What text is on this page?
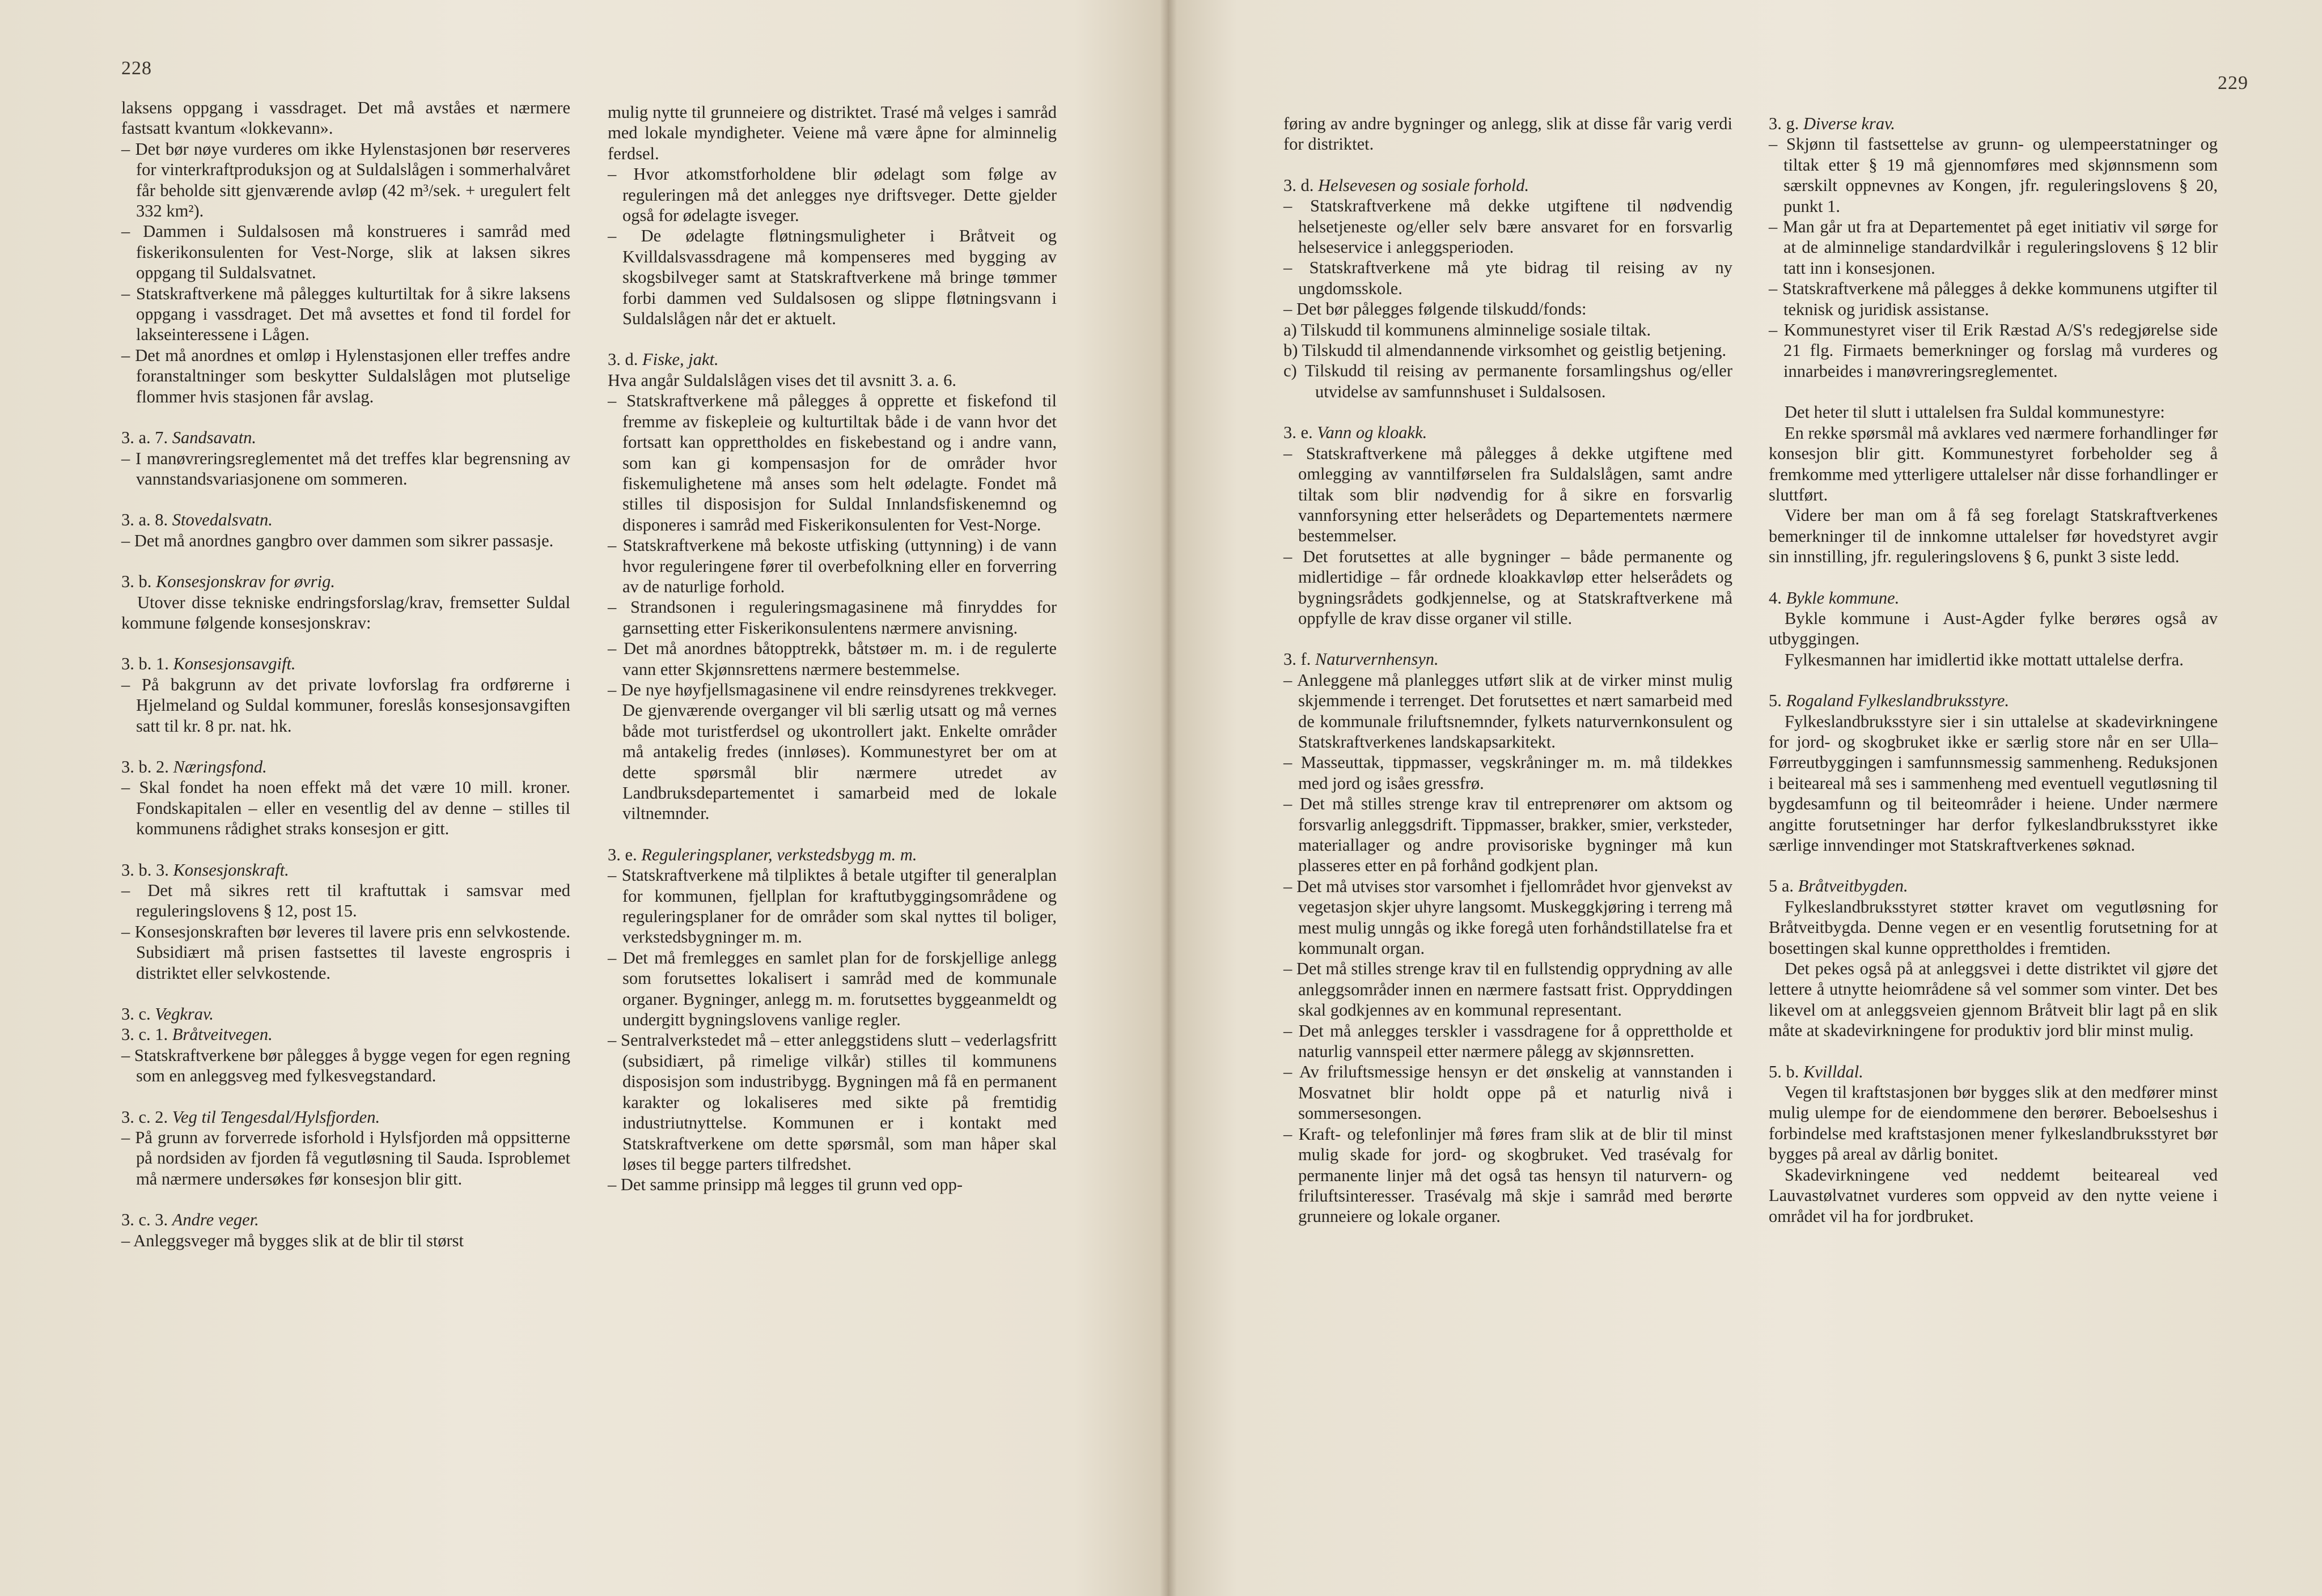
228

laksens oppgang i vassdraget. Det må avståes et nærmere fastsatt kvantum «lokkevann».

– Det bør nøye vurderes om ikke Hylenstasjonen bør reserveres for vinterkraftproduksjon og at Suldalslågen i sommerhalvåret får beholde sitt gjenværende avløp (42 m³/sek. + uregulert felt 332 km²).

– Dammen i Suldalsosen må konstrueres i samråd med fiskerikonsulenten for Vest-Norge, slik at laksen sikres oppgang til Suldalsvatnet.

– Statskraftverkene må pålegges kulturtiltak for å sikre laksens oppgang i vassdraget. Det må avsettes et fond til fordel for lakseinteressene i Lågen.

– Det må anordnes et omløp i Hylenstasjonen eller treffes andre foranstaltninger som beskytter Suldalslågen mot plutselige flommer hvis stasjonen får avslag.

3. a. 7. Sandsavatn.

– I manøvreringsreglementet må det treffes klar begrensning av vannstandsvariasjonene om sommeren.

3. a. 8. Stovedalsvatn.

– Det må anordnes gangbro over dammen som sikrer passasje.

3. b. Konsesjonskrav for øvrig.

Utover disse tekniske endringsforslag/krav, fremsetter Suldal kommune følgende konsesjonskrav:

3. b. 1. Konsesjonsavgift.

– På bakgrunn av det private lovforslag fra ordførerne i Hjelmeland og Suldal kommuner, foreslås konsesjonsavgiften satt til kr. 8 pr. nat. hk.

3. b. 2. Næringsfond.

– Skal fondet ha noen effekt må det være 10 mill. kroner. Fondskapitalen – eller en vesentlig del av denne – stilles til kommunens rådighet straks konsesjon er gitt.

3. b. 3. Konsesjonskraft.

– Det må sikres rett til kraftuttak i samsvar med reguleringslovens § 12, post 15.

– Konsesjonskraften bør leveres til lavere pris enn selvkostende. Subsidiært må prisen fastsettes til laveste engrospris i distriktet eller selvkostende.

3. c. Vegkrav.

3. c. 1. Bråtveitvegen.

– Statskraftverkene bør pålegges å bygge vegen for egen regning som en anleggsveg med fylkesvegstandard.

3. c. 2. Veg til Tengesdal/Hylsfjorden.

– På grunn av forverrede isforhold i Hylsfjorden må oppsitterne på nordsiden av fjorden få vegutløsning til Sauda. Isproblemet må nærmere undersøkes før konsesjon blir gitt.

3. c. 3. Andre veger.

– Anleggsveger må bygges slik at de blir til størst

mulig nytte til grunneiere og distriktet. Trasé må velges i samråd med lokale myndigheter. Veiene må være åpne for alminnelig ferdsel.

– Hvor atkomstforholdene blir ødelagt som følge av reguleringen må det anlegges nye driftsveger. Dette gjelder også for ødelagte isveger.

– De ødelagte fløtningsmuligheter i Bråtveit og Kvilldalsvassdragene må kompenseres med bygging av skogsbilveger samt at Statskraftverkene må bringe tømmer forbi dammen ved Suldalsosen og slippe fløtningsvann i Suldalslågen når det er aktuelt.

3. d. Fiske, jakt.

Hva angår Suldalslågen vises det til avsnitt 3. a. 6.

– Statskraftverkene må pålegges å opprette et fiskefond til fremme av fiskepleie og kulturtiltak både i de vann hvor det fortsatt kan opprettholdes en fiskebestand og i andre vann, som kan gi kompensasjon for de områder hvor fiskemulighetene må anses som helt ødelagte. Fondet må stilles til disposisjon for Suldal Innlandsfiskenemnd og disponeres i samråd med Fiskerikonsulenten for Vest-Norge.

– Statskraftverkene må bekoste utfisking (uttynning) i de vann hvor reguleringene fører til overbefolkning eller en forverring av de naturlige forhold.

– Strandsonen i reguleringsmagasinene må finryddes for garnsetting etter Fiskerikonsulentens nærmere anvisning.

– Det må anordnes båtopptrekk, båtstøer m. m. i de regulerte vann etter Skjønnsrettens nærmere bestemmelse.

– De nye høyfjellsmagasinene vil endre reinsdyrenes trekkveger. De gjenværende overganger vil bli særlig utsatt og må vernes både mot turistferdsel og ukontrollert jakt. Enkelte områder må antakelig fredes (innløses). Kommunestyret ber om at dette spørsmål blir nærmere utredet av Landbruksdepartementet i samarbeid med de lokale viltnemnder.

3. e. Reguleringsplaner, verkstedsbygg m. m.

– Statskraftverkene må tilpliktes å betale utgifter til generalplan for kommunen, fjellplan for kraftutbyggingsområdene og reguleringsplaner for de områder som skal nyttes til boliger, verkstedsbygninger m. m.

– Det må fremlegges en samlet plan for de forskjellige anlegg som forutsettes lokalisert i samråd med de kommunale organer. Bygninger, anlegg m. m. forutsettes byggeanmeldt og undergitt bygningslovens vanlige regler.

– Sentralverkstedet må – etter anleggstidens slutt – vederlagsfritt (subsidiært, på rimelige vilkår) stilles til kommunens disposisjon som industribygg. Bygningen må få en permanent karakter og lokaliseres med sikte på fremtidig industriutnyttelse. Kommunen er i kontakt med Statskraftverkene om dette spørsmål, som man håper skal løses til begge parters tilfredshet.

– Det samme prinsipp må legges til grunn ved opp-

229

føring av andre bygninger og anlegg, slik at disse får varig verdi for distriktet.

3. d. Helsevesen og sosiale forhold.

– Statskraftverkene må dekke utgiftene til nødvendig helsetjeneste og/eller selv bære ansvaret for en forsvarlig helseservice i anleggsperioden.

– Statskraftverkene må yte bidrag til reising av ny ungdomsskole.

– Det bør pålegges følgende tilskudd/fonds:

a) Tilskudd til kommunens alminnelige sosiale tiltak.

b) Tilskudd til almendannende virksomhet og geistlig betjening.

c) Tilskudd til reising av permanente forsamlingshus og/eller utvidelse av samfunnshuset i Suldalsosen.

3. e. Vann og kloakk.

– Statskraftverkene må pålegges å dekke utgiftene med omlegging av vanntilførselen fra Suldalslågen, samt andre tiltak som blir nødvendig for å sikre en forsvarlig vannforsyning etter helserådets og Departementets nærmere bestemmelser.

– Det forutsettes at alle bygninger – både permanente og midlertidige – får ordnede kloakkavløp etter helserådets og bygningsrådets godkjennelse, og at Statskraftverkene må oppfylle de krav disse organer vil stille.

3. f. Naturvernhensyn.

– Anleggene må planlegges utført slik at de virker minst mulig skjemmende i terrenget. Det forutsettes et nært samarbeid med de kommunale friluftsnemnder, fylkets naturvernkonsulent og Statskraftverkenes landskapsarkitekt.

– Masseuttak, tippmasser, vegskråninger m. m. må tildekkes med jord og isåes gressfrø.

– Det må stilles strenge krav til entreprenører om aktsom og forsvarlig anleggsdrift. Tippmasser, brakker, smier, verksteder, materiallager og andre provisoriske bygninger må kun plasseres etter en på forhånd godkjent plan.

– Det må utvises stor varsomhet i fjellområdet hvor gjenvekst av vegetasjon skjer uhyre langsomt. Muskeggkjøring i terreng må mest mulig unngås og ikke foregå uten forhåndstillatelse fra et kommunalt organ.

– Det må stilles strenge krav til en fullstendig opprydning av alle anleggsområder innen en nærmere fastsatt frist. Oppryddingen skal godkjennes av en kommunal representant.

– Det må anlegges terskler i vassdragene for å opprettholde et naturlig vannspeil etter nærmere pålegg av skjønnsretten.

– Av friluftsmessige hensyn er det ønskelig at vannstanden i Mosvatnet blir holdt oppe på et naturlig nivå i sommersesongen.

– Kraft- og telefonlinjer må føres fram slik at de blir til minst mulig skade for jord- og skogbruket. Ved trasévalg for permanente linjer må det også tas hensyn til naturvern- og friluftsinteresser. Trasévalg må skje i samråd med berørte grunneiere og lokale organer.

3. g. Diverse krav.

– Skjønn til fastsettelse av grunn- og ulempeerstatninger og tiltak etter § 19 må gjennomføres med skjønnsmenn som særskilt oppnevnes av Kongen, jfr. reguleringslovens § 20, punkt 1.

– Man går ut fra at Departementet på eget initiativ vil sørge for at de alminnelige standardvilkår i reguleringslovens § 12 blir tatt inn i konsesjonen.

– Statskraftverkene må pålegges å dekke kommunens utgifter til teknisk og juridisk assistanse.

– Kommunestyret viser til Erik Ræstad A/S's redegjørelse side 21 flg. Firmaets bemerkninger og forslag må vurderes og innarbeides i manøvreringsreglementet.

Det heter til slutt i uttalelsen fra Suldal kommunestyre:

En rekke spørsmål må avklares ved nærmere forhandlinger før konsesjon blir gitt. Kommunestyret forbeholder seg å fremkomme med ytterligere uttalelser når disse forhandlinger er sluttført.

Videre ber man om å få seg forelagt Statskraftverkenes bemerkninger til de innkomne uttalelser før hovedstyret avgir sin innstilling, jfr. reguleringslovens § 6, punkt 3 siste ledd.

4. Bykle kommune.

Bykle kommune i Aust-Agder fylke berøres også av utbyggingen.

Fylkesmannen har imidlertid ikke mottatt uttalelse derfra.

5. Rogaland Fylkeslandbruksstyre.

Fylkeslandbruksstyre sier i sin uttalelse at skadevirkningene for jord- og skogbruket ikke er særlig store når en ser Ulla–Førreutbyggingen i samfunnsmessig sammenheng. Reduksjonen i beiteareal må ses i sammenheng med eventuell vegutløsning til bygdesamfunn og til beiteområder i heiene. Under nærmere angitte forutsetninger har derfor fylkeslandbruksstyret ikke særlige innvendinger mot Statskraftverkenes søknad.

5 a. Bråtveitbygden.

Fylkeslandbruksstyret støtter kravet om vegutløsning for Bråtveitbygda. Denne vegen er en vesentlig forutsetning for at bosettingen skal kunne opprettholdes i fremtiden.

Det pekes også på at anleggsvei i dette distriktet vil gjøre det lettere å utnytte heiområdene så vel sommer som vinter. Det bes likevel om at anleggsveien gjennom Bråtveit blir lagt på en slik måte at skadevirkningene for produktiv jord blir minst mulig.

5. b. Kvilldal.

Vegen til kraftstasjonen bør bygges slik at den medfører minst mulig ulempe for de eiendommene den berører. Beboelseshus i forbindelse med kraftstasjonen mener fylkeslandbruksstyret bør bygges på areal av dårlig bonitet.

Skadevirkningene ved neddemt beiteareal ved Lauvastølvatnet vurderes som oppveid av den nytte veiene i området vil ha for jordbruket.
